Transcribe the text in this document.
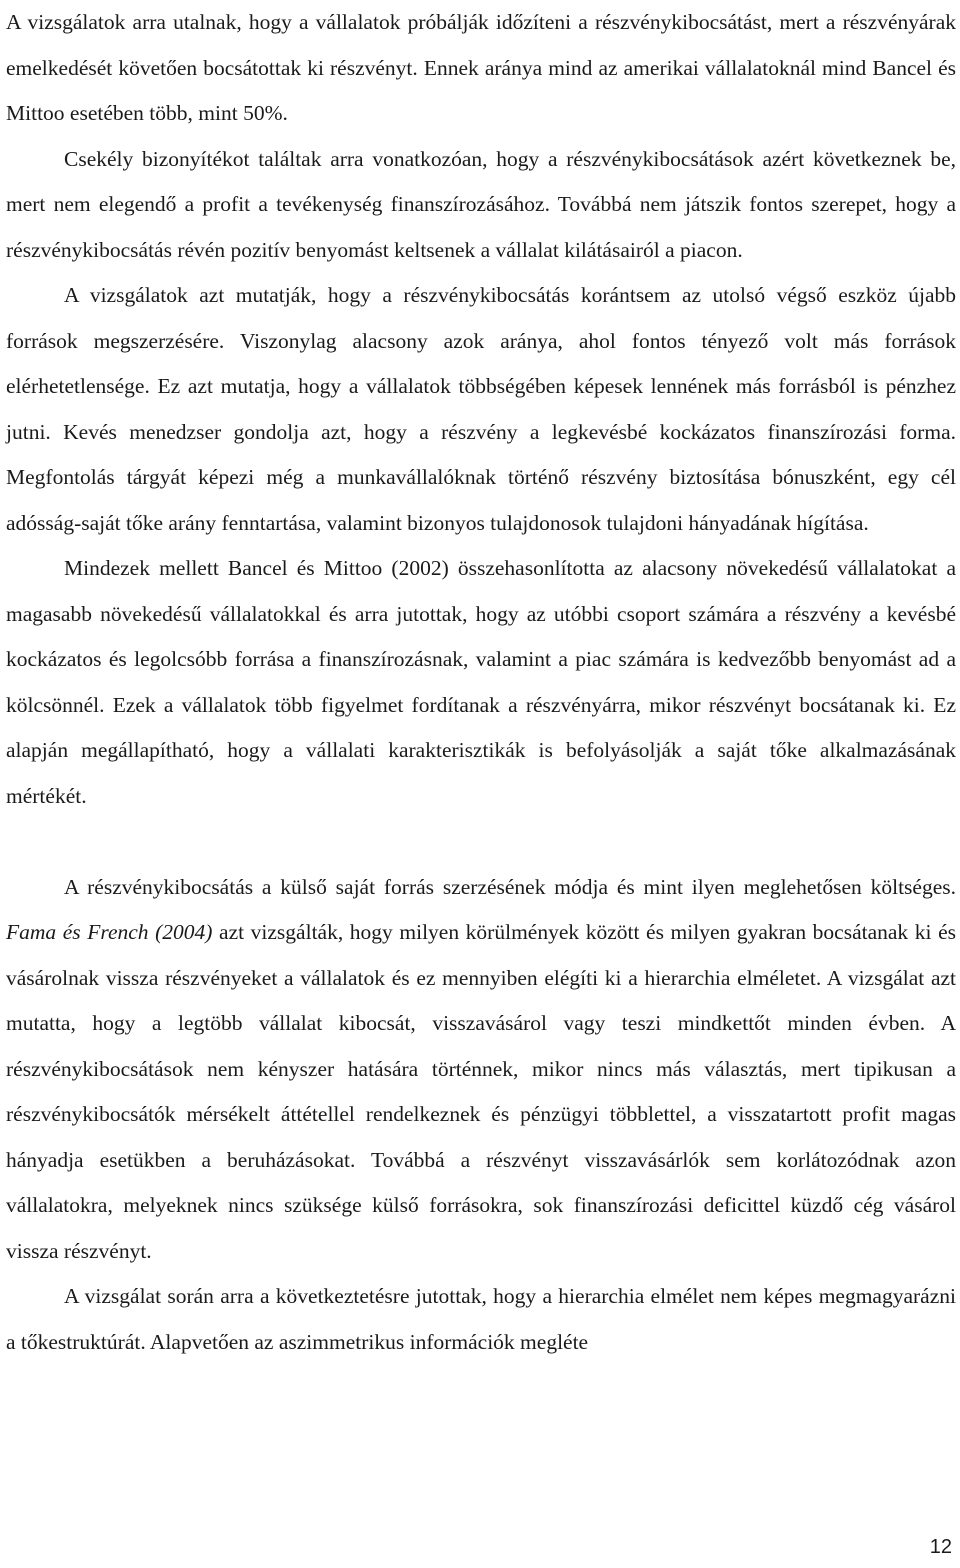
A vizsgálatok arra utalnak, hogy a vállalatok próbálják időzíteni a részvénykibocsátást, mert a részvényárak emelkedését követően bocsátottak ki részvényt. Ennek aránya mind az amerikai vállalatoknál mind Bancel és Mittoo esetében több, mint 50%.

Csekély bizonyítékot találtak arra vonatkozóan, hogy a részvénykibocsátások azért következnek be, mert nem elegendő a profit a tevékenység finanszírozásához. Továbbá nem játszik fontos szerepet, hogy a részvénykibocsátás révén pozitív benyomást keltsenek a vállalat kilátásairól a piacon.

A vizsgálatok azt mutatják, hogy a részvénykibocsátás korántsem az utolsó végső eszköz újabb források megszerzésére. Viszonylag alacsony azok aránya, ahol fontos tényező volt más források elérhetetlensége. Ez azt mutatja, hogy a vállalatok többségében képesek lennének más forrásból is pénzhez jutni. Kevés menedzser gondolja azt, hogy a részvény a legkevésbé kockázatos finanszírozási forma. Megfontolás tárgyát képezi még a munkavállalóknak történő részvény biztosítása bónuszként, egy cél adósság-saját tőke arány fenntartása, valamint bizonyos tulajdonosok tulajdoni hányadának hígítása.

Mindezek mellett Bancel és Mittoo (2002) összehasonlította az alacsony növekedésű vállalatokat a magasabb növekedésű vállalatokkal és arra jutottak, hogy az utóbbi csoport számára a részvény a kevésbé kockázatos és legolcsóbb forrása a finanszírozásnak, valamint a piac számára is kedvezőbb benyomást ad a kölcsönnél. Ezek a vállalatok több figyelmet fordítanak a részvényárra, mikor részvényt bocsátanak ki. Ez alapján megállapítható, hogy a vállalati karakterisztikák is befolyásolják a saját tőke alkalmazásának mértékét.

A részvénykibocsátás a külső saját forrás szerzésének módja és mint ilyen meglehetősen költséges. Fama és French (2004) azt vizsgálták, hogy milyen körülmények között és milyen gyakran bocsátanak ki és vásárolnak vissza részvényeket a vállalatok és ez mennyiben elégíti ki a hierarchia elméletet. A vizsgálat azt mutatta, hogy a legtöbb vállalat kibocsát, visszavásárol vagy teszi mindkettőt minden évben. A részvénykibocsátások nem kényszer hatására történnek, mikor nincs más választás, mert tipikusan a részvénykibocsátók mérsékelt áttétellel rendelkeznek és pénzügyi többlettel, a visszatartott profit magas hányadja esetükben a beruházásokat. Továbbá a részvényt visszavásárlók sem korlátozódnak azon vállalatokra, melyeknek nincs szüksége külső forrásokra, sok finanszírozási deficittel küzdő cég vásárol vissza részvényt.

A vizsgálat során arra a következtetésre jutottak, hogy a hierarchia elmélet nem képes megmagyarázni a tőkestruktúrát. Alapvetően az aszimmetrikus információk megléte

12
